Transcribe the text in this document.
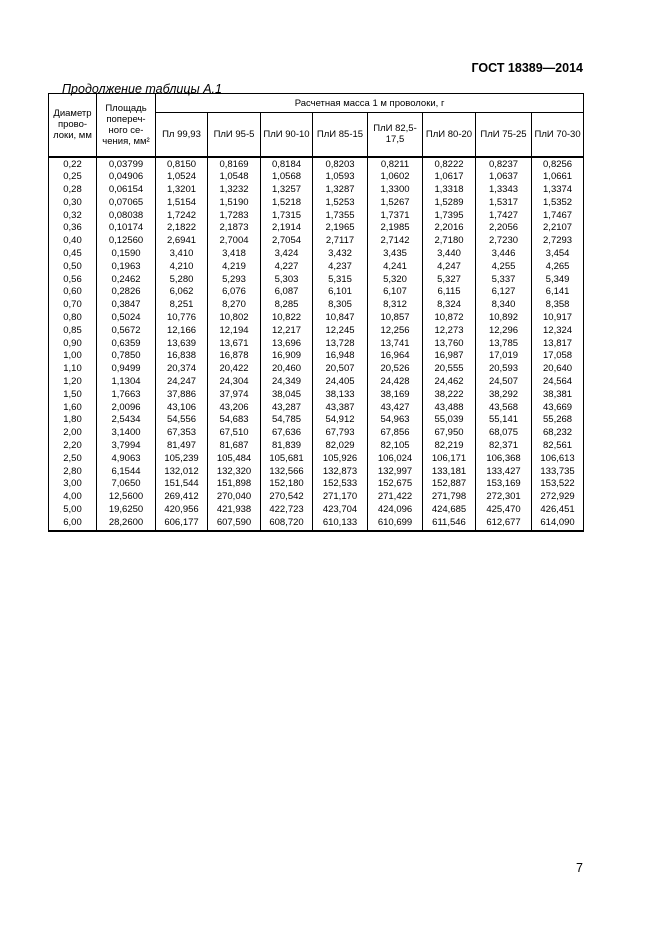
ГОСТ 18389—2014
Продолжение таблицы А.1
Диаметр прово-локи, мм	Площадь попереч-ного се-чения, мм²	Расчетная масса 1 м проволоки, г							
		Пл 99,93	ПлИ 95-5	ПлИ 90-10	ПлИ 85-15	ПлИ 82,5-17,5	ПлИ 80-20	ПлИ 75-25	ПлИ 70-30
0,22	0,03799	0,8150	0,8169	0,8184	0,8203	0,8211	0,8222	0,8237	0,8256
0,25	0,04906	1,0524	1,0548	1,0568	1,0593	1,0602	1,0617	1,0637	1,0661
0,28	0,06154	1,3201	1,3232	1,3257	1,3287	1,3300	1,3318	1,3343	1,3374
0,30	0,07065	1,5154	1,5190	1,5218	1,5253	1,5267	1,5289	1,5317	1,5352
0,32	0,08038	1,7242	1,7283	1,7315	1,7355	1,7371	1,7395	1,7427	1,7467
0,36	0,10174	2,1822	2,1873	2,1914	2,1965	2,1985	2,2016	2,2056	2,2107
0,40	0,12560	2,6941	2,7004	2,7054	2,7117	2,7142	2,7180	2,7230	2,7293
0,45	0,1590	3,410	3,418	3,424	3,432	3,435	3,440	3,446	3,454
0,50	0,1963	4,210	4,219	4,227	4,237	4,241	4,247	4,255	4,265
0,56	0,2462	5,280	5,293	5,303	5,315	5,320	5,327	5,337	5,349
0,60	0,2826	6,062	6,076	6,087	6,101	6,107	6,115	6,127	6,141
0,70	0,3847	8,251	8,270	8,285	8,305	8,312	8,324	8,340	8,358
0,80	0,5024	10,776	10,802	10,822	10,847	10,857	10,872	10,892	10,917
0,85	0,5672	12,166	12,194	12,217	12,245	12,256	12,273	12,296	12,324
0,90	0,6359	13,639	13,671	13,696	13,728	13,741	13,760	13,785	13,817
1,00	0,7850	16,838	16,878	16,909	16,948	16,964	16,987	17,019	17,058
1,10	0,9499	20,374	20,422	20,460	20,507	20,526	20,555	20,593	20,640
1,20	1,1304	24,247	24,304	24,349	24,405	24,428	24,462	24,507	24,564
1,50	1,7663	37,886	37,974	38,045	38,133	38,169	38,222	38,292	38,381
1,60	2,0096	43,106	43,206	43,287	43,387	43,427	43,488	43,568	43,669
1,80	2,5434	54,556	54,683	54,785	54,912	54,963	55,039	55,141	55,268
2,00	3,1400	67,353	67,510	67,636	67,793	67,856	67,950	68,075	68,232
2,20	3,7994	81,497	81,687	81,839	82,029	82,105	82,219	82,371	82,561
2,50	4,9063	105,239	105,484	105,681	105,926	106,024	106,171	106,368	106,613
2,80	6,1544	132,012	132,320	132,566	132,873	132,997	133,181	133,427	133,735
3,00	7,0650	151,544	151,898	152,180	152,533	152,675	152,887	153,169	153,522
4,00	12,5600	269,412	270,040	270,542	271,170	271,422	271,798	272,301	272,929
5,00	19,6250	420,956	421,938	422,723	423,704	424,096	424,685	425,470	426,451
6,00	28,2600	606,177	607,590	608,720	610,133	610,699	611,546	612,677	614,090
7
